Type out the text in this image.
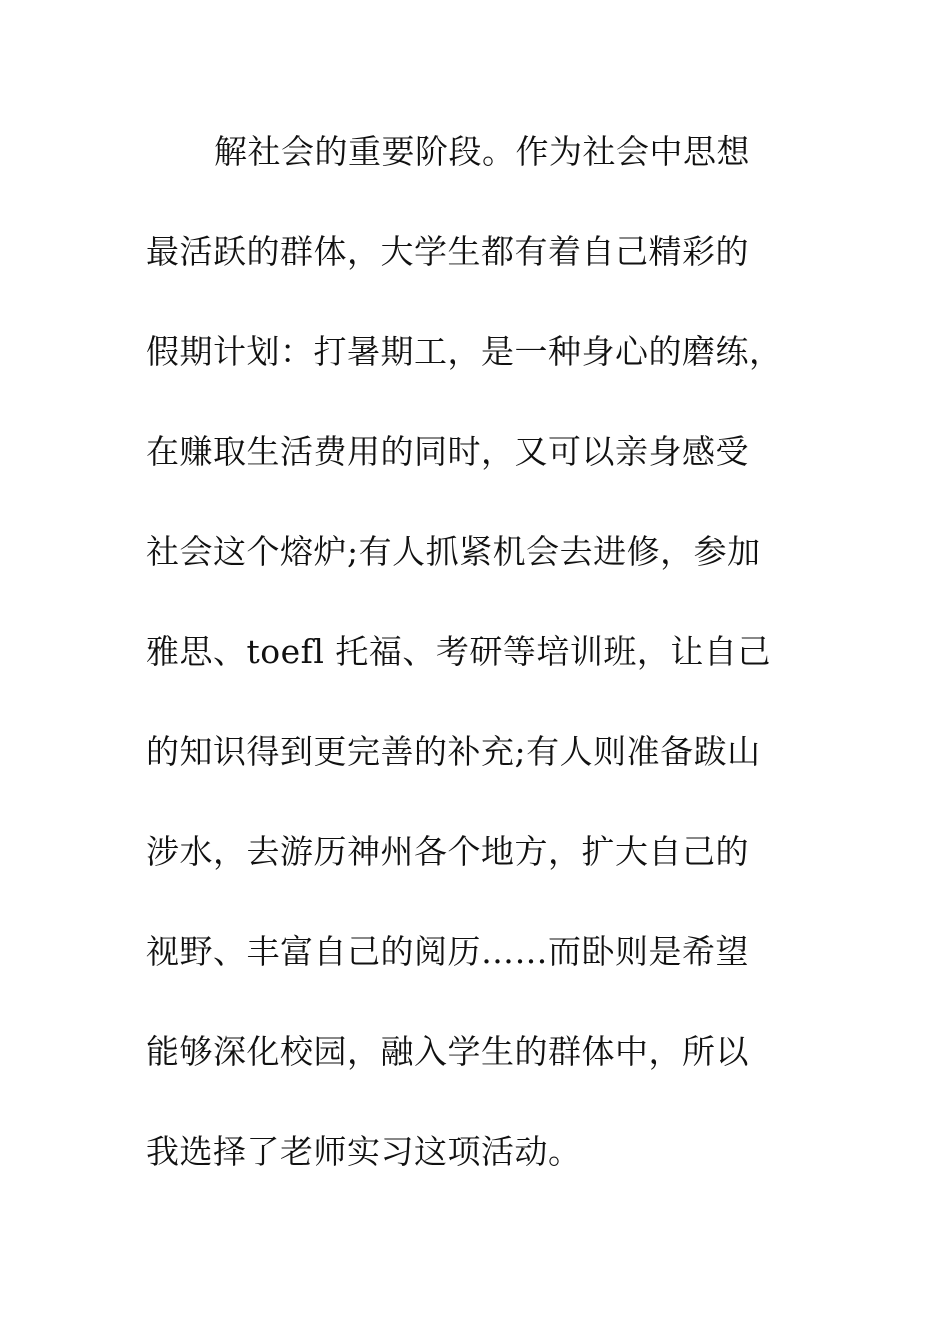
解社会的重要阶段。作为社会中思想
最活跃的群体，大学生都有着自己精彩的
假期计划：打暑期工，是一种身心的磨练，
在赚取生活费用的同时，又可以亲身感受
社会这个熔炉;有人抓紧机会去进修，参加
雅思、toefl 托福、考研等培训班，让自己
的知识得到更完善的补充;有人则准备跋山
涉水，去游历神州各个地方，扩大自己的
视野、丰富自己的阅历……而卧则是希望
能够深化校园，融入学生的群体中，所以
我选择了老师实习这项活动。
